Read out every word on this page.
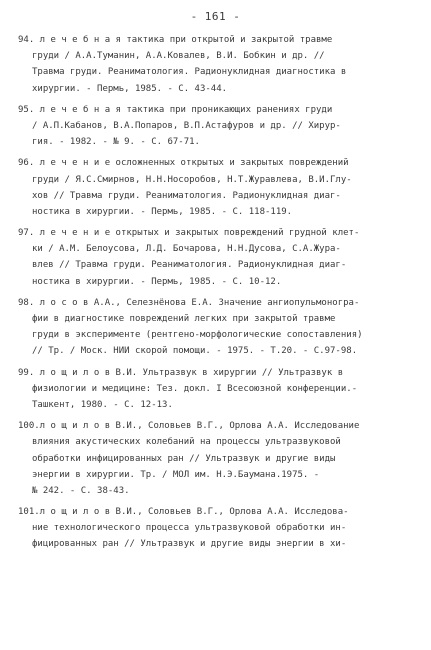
- 161 -
94. л е ч е б н а я тактика при открытой и закрытой травме
груди / А.А.Туманин, А.А.Ковалев, В.И. Бобкин и др. //
Травма груди. Реаниматология. Радионуклидная диагностика в
хирургии. - Пермь, 1985. - С. 43-44.
95. л е ч е б н а я тактика при проникающих ранениях груди
/ А.П.Кабанов, В.А.Попаров, В.П.Астафуров и др. // Хирур-
гия. - 1982. - № 9. - С. 67-71.
96. л е ч е н и е осложненных открытых и закрытых повреждений
груди / Я.С.Смирнов, Н.Н.Ноcоробов, Н.Т.Журавлева, В.И.Глу-
хов // Травма груди. Реаниматология. Радионуклидная диаг-
ностика в хирургии. - Пермь, 1985. - С. 118-119.
97. л е ч е н и е открытых и закрытых повреждений грудной клет-
ки / А.М. Белоусова, Л.Д. Бочарова, Н.Н.Дусова, С.А.Жура-
влев // Травма груди. Реаниматология. Радионуклидная диаг-
ностика в хирургии. - Пермь, 1985. - С. 10-12.
98. л о с о в А.А., Селезнёнова Е.А. Значение ангиопульмоногра-
фии в диагностике повреждений легких при закрытой травме
груди в эксперименте (рентгено-морфологические сопоставления)
// Тр. / Моск. НИИ скорой помощи. - 1975. - Т.20. - С.97-98.
99. л о щ и л о в В.И. Ультразвук в хирургии // Ультразвук в
физиологии и медицине: Тез. докл. I Всесоюзной конференции.-
Ташкент, 1980. - С. 12-13.
100.л о щ и л о в В.И., Соловьев В.Г., Орлова А.А. Исследование
влияния акустических колебаний на процессы ультразвуковой
обработки инфицированных ран // Ультразвук и другие виды
энергии в хирургии. Тр. / МОЛ им. Н.Э.Баумана.1975. -
№ 242. - С. 38-43.
101.л о щ и л о в В.И., Соловьев В.Г., Орлова А.А. Исследова-
ние технологического процесса ультразвуковой обработки ин-
фицированных ран // Ультразвук и другие виды энергии в хи-
